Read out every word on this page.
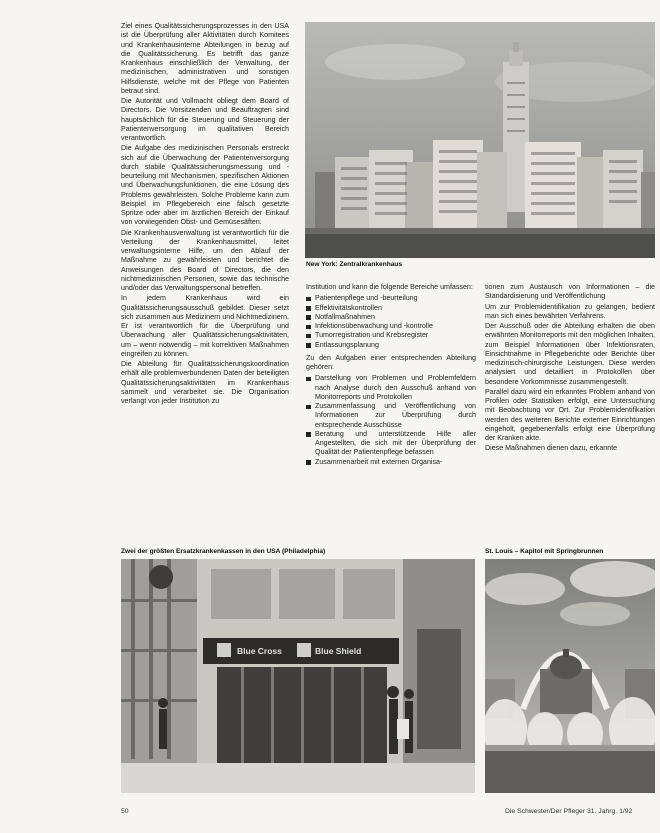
Ziel eines Qualitätssicherungsprozesses in den USA ist die Überprüfung aller Aktivitäten durch Komitees und Krankenhausinterne Abteilungen in bezug auf die Qualitätssicherung. Es betrifft das ganze Krankenhaus einschließlich der Verwaltung, der medizinischen, administrativen und sonstigen Hilfsdienste, welche mit der Pflege von Patienten betraut sind.

Die Autorität und Vollmacht obliegt dem Board of Directors. Die Vorsitzenden und Beauftragten sind hauptsächlich für die Steuerung und Steuerung der Patientenversorgung im qualitativen Bereich verantwortlich.

Die Aufgabe des medizinischen Personals erstreckt sich auf die Überwachung der Patientenversorgung durch stabile Qualitätssicherungsmessung und -beurteilung mit Mechanismen, spezifischen Aktionen und Überwachungsfunktionen, die eine Lösung des Problems gewährleisten. Solche Probleme kann zum Beispiel im Pflegebereich eine falsch gesetzte Spritze oder aber im ärztlichen Bereich der Einkauf von vorwiegenden Obst- und Gemüsesäften.

Die Krankenhausverwaltung ist verantwortlich für die Verteilung der Krankenhausmittel, leitet verwaltungsinterne Hilfe, um den Ablauf der Maßnahme zu gewährleisten und berichtet die Anweisungen des Board of Directors, die den nichtmedizinischen Personen, sowie das technische und/oder das Verwaltungspersonal betreffen.

In jedem Krankenhaus wird ein Qualitätssicherungsausschuß gebildet. Dieser setzt sich zusammen aus Medizinern und Nichtmedizinern. Er ist verantwortlich für die Überprüfung und Überwachung aller Qualitätssicherungsaktivitäten, um – wenn notwendig – mit korrektiven Maßnahmen eingreifen zu können.

Die Abteilung für Qualitätssicherungskoordination erhält alle problemverbundenen Daten der beteiligten Qualitätssicherungsaktivitäten im Krankenhaus sammelt und verarbeitet sie. Die Organisation verlangt von jeder Institution zu

New York: Zentralkrankenhaus

Institution und kann die folgende Bereiche umfassen:

Patientenpflege und -beurteilung
Effektivitätskontrollen
Notfallmaßnahmen
Infektionsüberwachung und -kontrolle
Tumorregistration und Krebsregister
Entlassungsplanung

Zu den Aufgaben einer entsprechenden Abteilung gehören:

Darstellung von Problemen und Problemfeldern nach Analyse durch den Ausschuß anhand von Monitorreports und Protokollen
Zusammenfassung und Veröffentlichung von Informationen zur Überprüfung durch entsprechende Ausschüsse
Beratung und unterstützende Hilfe aller Angestellten, die sich mit der Überprüfung der Qualität der Patientenpflege befassen
Zusammenarbeit mit externen Organisa-

tionen zum Austausch von Informationen – die Standardisierung und Veröffentlichung

Um zur Problemidentifikation zu gelangen, bedient man sich eines bewährten Verfahrens.

Der Ausschuß oder die Abteilung erhalten die oben erwähnten Monitorreports mit den möglichen Inhalten, zum Beispiel Informationen über Infektionsraten, Einsichtnahme in Pflegeberichte oder Berichte über medizinisch-chirurgische Leistungen. Diese werden analysiert und detailliert in Protokollen über besondere Vorkommnisse zusammengestellt.

Parallel dazu wird ein erkanntes Problem anhand von Profilen oder Statistiken erfolgt, eine Untersuchung mit Beobachtung vor Ort. Zur Problemidentifikation werden des weiteren Berichte externer Einrichtungen eingeholt, gegebenenfalls erfolgt eine Überprüfung der Kranken akte.

Diese Maßnahmen dienen dazu, erkannte

Zwei der größten Ersatzkrankenkassen in den USA (Philadelphia)	St. Louis – Kapitol mit Springbrunnen
Blue Cross	Blue Shield
50	Die Schwester/Der Pfleger 31. Jahrg. 1/92
